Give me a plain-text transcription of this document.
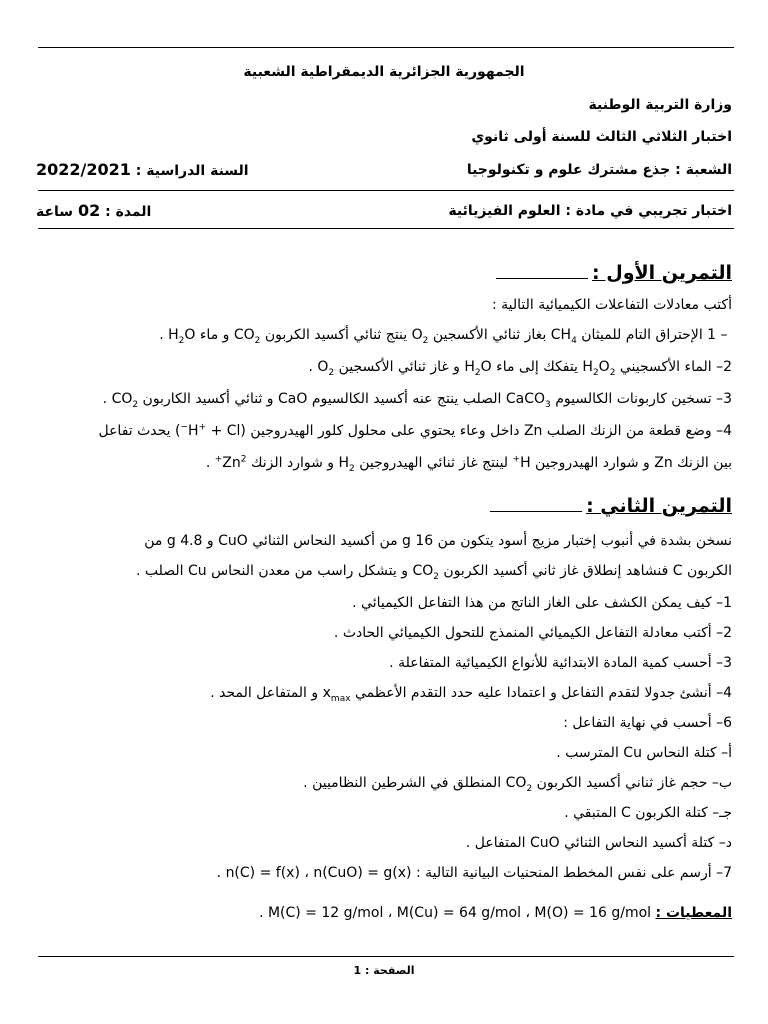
الجمهورية الجزائرية الديمقراطية الشعبية
وزارة التربية الوطنية
اختبار الثلاثي الثالث للسنة أولى ثانوي
الشعبة : جذع مشترك علوم و تكنولوجيا
السنة الدراسية : 2022/2021
اختبار تجريبي في مادة : العلوم الفيزيائية
المدة : 02 ساعة
التمرين الأول :
أكتب معادلات التفاعلات الكيميائية التالية :
– 1 الإحتراق التام للميثان $CH_4$ بغاز ثنائي الأكسجين $O_2$ ينتج ثنائي أكسيد الكربون $CO_2$ و ماء $H_2O$ .
2– الماء الأكسجيني $H_2O_2$ يتفكك إلى ماء $H_2O$ و غاز ثنائي الأكسجين $O_2$ .
3– تسخين كاربونات الكالسيوم CaCO$_3$ الصلب ينتج عنه أكسيد الكالسيوم CaO و ثنائي أكسيد الكاربون $CO_2$ .
4– وضع قطعة من الزنك الصلب Zn داخل وعاء يحتوي على محلول كلور الهيدروجين (H+ + Cl−) يحدث تفاعل
بين الزنك Zn و شوارد الهيدروجين H+ لينتج غاز ثنائي الهيدروجين $H_2$ و شوارد الزنك $Zn^{2+}$ .
التمرين الثاني :
نسخن بشدة في أنبوب إختبار مزيج أسود يتكون من 16 g من أكسيد النحاس الثنائي CuO و 4.8 g من
الكربون C فنشاهد إنطلاق غاز ثاني أكسيد الكربون $CO_2$ و يتشكل راسب من معدن النحاس Cu الصلب .
1– كيف يمكن الكشف على الغاز الناتج من هذا التفاعل الكيميائي .
2– أكتب معادلة التفاعل الكيميائي المنمذج للتحول الكيميائي الحادث .
3– أحسب كمية المادة الابتدائية للأنواع الكيميائية المتفاعلة .
4– أنشئ جدولا لتقدم التفاعل و اعتمادا عليه حدد التقدم الأعظمي $x_{max}$ و المتفاعل المحد .
6– أحسب في نهاية التفاعل :
أ– كتلة النحاس Cu المترسب .
ب– حجم غاز ثناني أكسيد الكربون $CO_2$ المنطلق في الشرطين النظاميين .
جـ– كتلة الكربون C المتبقي .
د– كتلة أكسيد النحاس الثنائي CuO المتفاعل .
7– أرسم على نفس المخطط المنحنيات البيانية التالية : n(C) = f(x) ، n(CuO) = g(x) .
المعطيات : M(C) = 12 g/mol ، M(Cu) = 64 g/mol ، M(O) = 16 g/mol .
الصفحة : 1
